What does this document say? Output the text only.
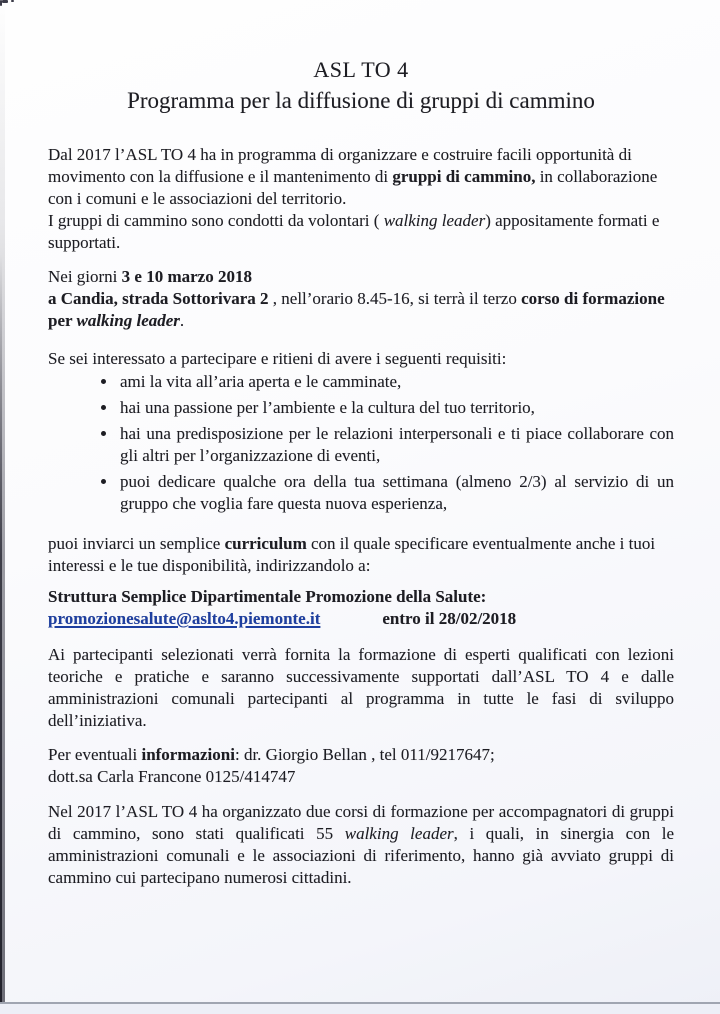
ASL TO 4
Programma per la diffusione di gruppi di cammino

Dal 2017 l’ASL TO 4 ha in programma di organizzare e costruire facili opportunità di movimento con la diffusione e il mantenimento di gruppi di cammino, in collaborazione con i comuni e le associazioni del territorio.
I gruppi di cammino sono condotti da volontari ( walking leader) appositamente formati e supportati.

Nei giorni 3 e 10 marzo 2018
a Candia, strada Sottorivara 2 , nell’orario 8.45-16, si terrà il terzo corso di formazione per walking leader.

Se sei interessato a partecipare e ritieni di avere i seguenti requisiti:

• ami la vita all’aria aperta e le camminate,
• hai una passione per l’ambiente e la cultura del tuo territorio,
• hai una predisposizione per le relazioni interpersonali e ti piace collaborare con gli altri per l’organizzazione di eventi,
• puoi dedicare qualche ora della tua settimana (almeno 2/3) al servizio di un gruppo che voglia fare questa nuova esperienza,

puoi inviarci un semplice curriculum con il quale specificare eventualmente anche i tuoi interessi e le tue disponibilità, indirizzandolo a:

Struttura Semplice Dipartimentale Promozione della Salute:
promozionesalute@aslto4.piemonte.it	entro il 28/02/2018

Ai partecipanti selezionati verrà fornita la formazione di esperti qualificati con lezioni teoriche e pratiche e saranno successivamente supportati dall’ASL TO 4 e dalle amministrazioni comunali partecipanti al programma in tutte le fasi di sviluppo dell’iniziativa.

Per eventuali informazioni: dr. Giorgio Bellan , tel 011/9217647;
dott.sa Carla Francone 0125/414747

Nel 2017 l’ASL TO 4 ha organizzato due corsi di formazione per accompagnatori di gruppi di cammino, sono stati qualificati 55 walking leader, i quali, in sinergia con le amministrazioni comunali e le associazioni di riferimento, hanno già avviato gruppi di cammino cui partecipano numerosi cittadini.
